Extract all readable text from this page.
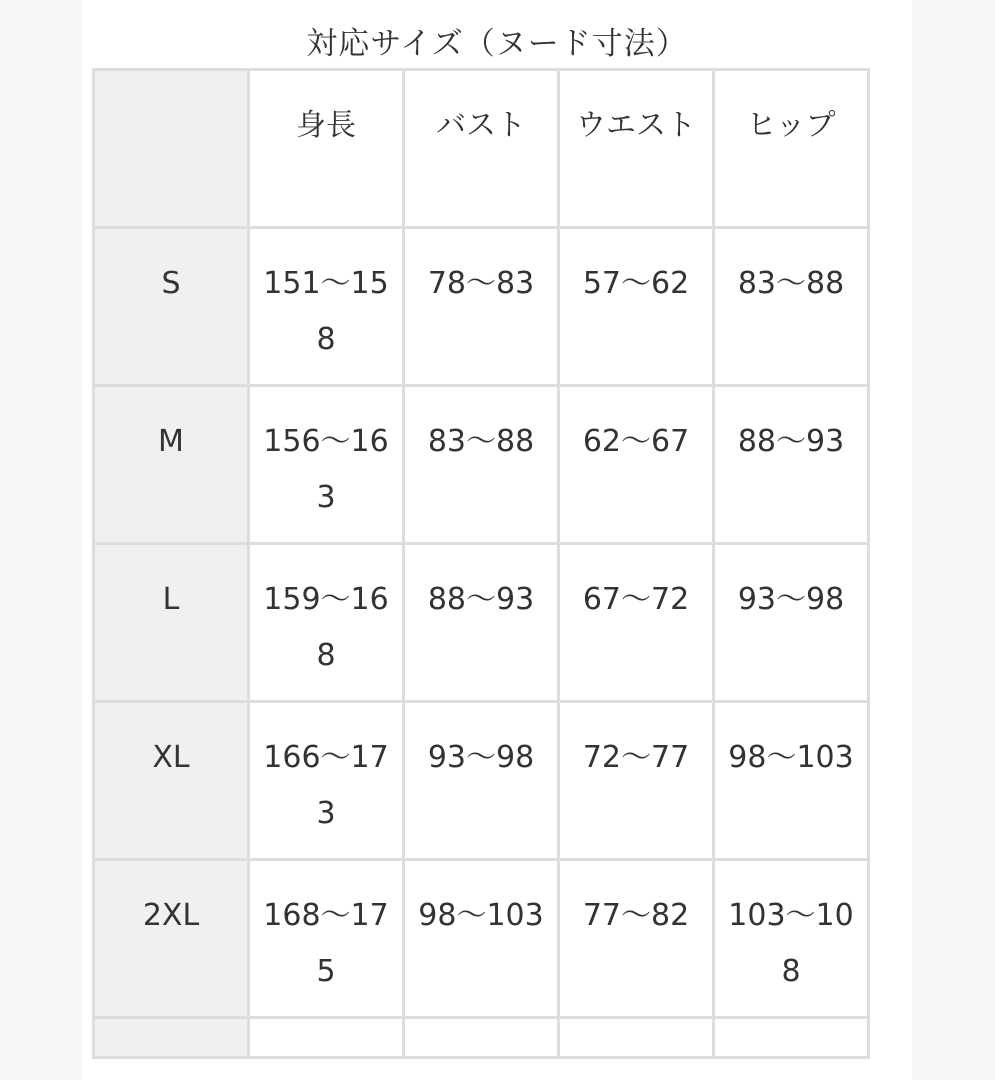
対応サイズ（ヌード寸法）

	身長	バスト	ウエスト	ヒップ

S	151〜158	78〜83	57〜62	83〜88

M	156〜163	83〜88	62〜67	88〜93

L	159〜168	88〜93	67〜72	93〜98

XL	166〜173	93〜98	72〜77	98〜103

2XL	168〜175	98〜103	77〜82	103〜108
